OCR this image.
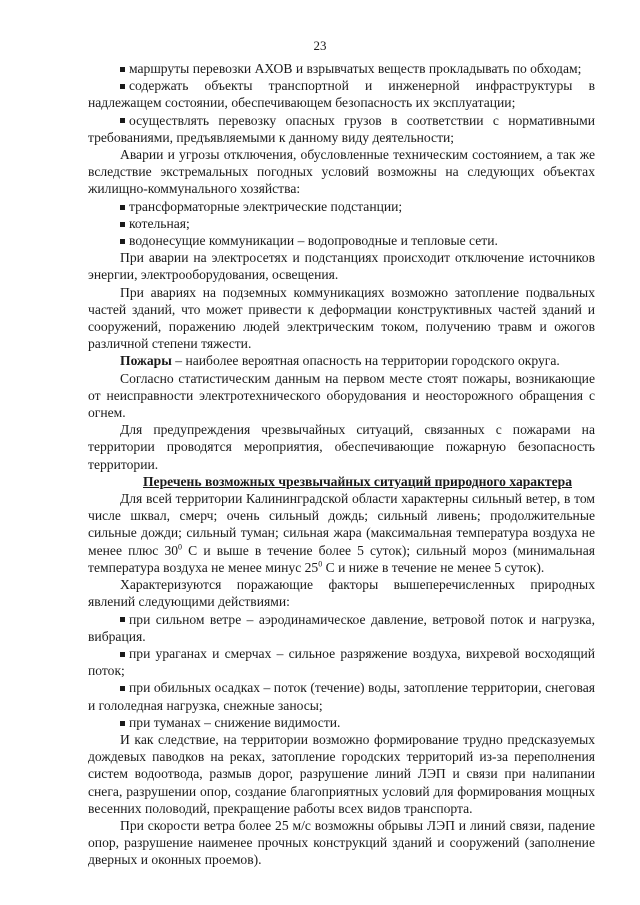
23

маршруты перевозки АХОВ и взрывчатых веществ прокладывать по обходам;

содержать объекты транспортной и инженерной инфраструктуры в надлежащем состоянии, обеспечивающем безопасность их эксплуатации;

осуществлять перевозку опасных грузов в соответствии с нормативными требованиями, предъявляемыми к данному виду деятельности;

Аварии и угрозы отключения, обусловленные техническим состоянием, а так же вследствие экстремальных погодных условий возможны на следующих объектах жилищно-коммунального хозяйства:

трансформаторные электрические подстанции;

котельная;

водонесущие коммуникации – водопроводные и тепловые сети.

При аварии на электросетях и подстанциях происходит отключение источников энергии, электрооборудования, освещения.

При авариях на подземных коммуникациях возможно затопление подвальных частей зданий, что может привести к деформации конструктивных частей зданий и сооружений, поражению людей электрическим током, получению травм и ожогов различной степени тяжести.

Пожары – наиболее вероятная опасность на территории городского округа.

Согласно статистическим данным на первом месте стоят пожары, возникающие от неисправности электротехнического оборудования и неосторожного обращения с огнем.

Для предупреждения чрезвычайных ситуаций, связанных с пожарами на территории проводятся мероприятия, обеспечивающие пожарную безопасность территории.

Перечень возможных чрезвычайных ситуаций природного характера

Для всей территории Калининградской области характерны сильный ветер, в том числе шквал, смерч; очень сильный дождь; сильный ливень; продолжительные сильные дожди; сильный туман; сильная жара (максимальная температура воздуха не менее плюс $30^0$ С и выше в течение более 5 суток); сильный мороз (минимальная температура воздуха не менее минус $25^0$ С и ниже в течение не менее 5 суток).

Характеризуются поражающие факторы вышеперечисленных природных явлений следующими действиями:

при сильном ветре – аэродинамическое давление, ветровой поток и нагрузка, вибрация.

при ураганах и смерчах – сильное разряжение воздуха, вихревой восходящий поток;

при обильных осадках – поток (течение) воды, затопление территории, снеговая и гололедная нагрузка, снежные заносы;

при туманах – снижение видимости.

И как следствие, на территории возможно формирование трудно предсказуемых дождевых паводков на реках, затопление городских территорий из-за переполнения систем водоотвода, размыв дорог, разрушение линий ЛЭП и связи при налипании снега, разрушении опор, создание благоприятных условий для формирования мощных весенних половодий, прекращение работы всех видов транспорта.

При скорости ветра более 25 м/с возможны обрывы ЛЭП и линий связи, падение опор, разрушение наименее прочных конструкций зданий и сооружений (заполнение дверных и оконных проемов).
